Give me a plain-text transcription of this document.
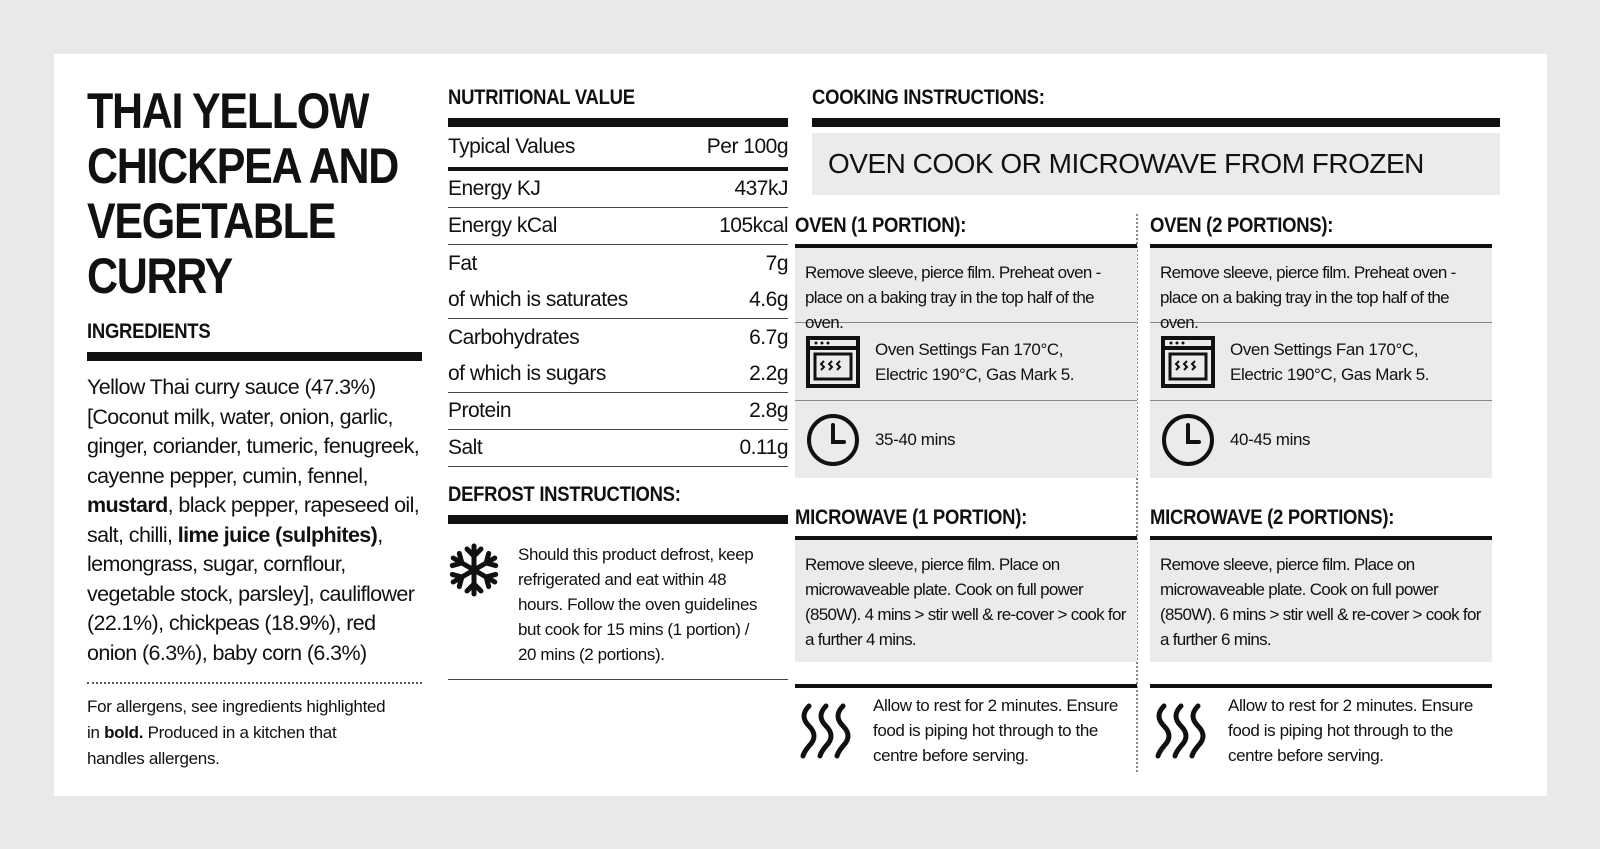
THAI YELLOW
CHICKPEA AND
VEGETABLE
CURRY
INGREDIENTS
Yellow Thai curry sauce (47.3%) [Coconut milk, water, onion, garlic, ginger, coriander, tumeric, fenugreek, cayenne pepper, cumin, fennel, mustard, black pepper, rapeseed oil, salt, chilli, lime juice (sulphites), lemongrass, sugar, cornflour, vegetable stock, parsley], cauliflower (22.1%), chickpeas (18.9%), red onion (6.3%), baby corn (6.3%)
For allergens, see ingredients highlighted in bold. Produced in a kitchen that handles allergens.
NUTRITIONAL VALUE
Typical Values	Per 100g
Energy KJ	437kJ
Energy kCal	105kcal
Fat	7g
of which is saturates	4.6g
Carbohydrates	6.7g
of which is sugars	2.2g
Protein	2.8g
Salt	0.11g
DEFROST INSTRUCTIONS:
Should this product defrost, keep refrigerated and eat within 48 hours. Follow the oven guidelines but cook for 15 mins (1 portion) / 20 mins (2 portions).
COOKING INSTRUCTIONS:
OVEN COOK OR MICROWAVE FROM FROZEN
OVEN (1 PORTION):
Remove sleeve, pierce film. Preheat oven - place on a baking tray in the top half of the oven.
Oven Settings Fan 170°C, Electric 190°C, Gas Mark 5.
35-40 mins
OVEN (2 PORTIONS):
Remove sleeve, pierce film. Preheat oven - place on a baking tray in the top half of the oven.
Oven Settings Fan 170°C, Electric 190°C, Gas Mark 5.
40-45 mins
MICROWAVE (1 PORTION):
Remove sleeve, pierce film. Place on microwaveable plate. Cook on full power (850W). 4 mins > stir well & re-cover > cook for a further 4 mins.
Allow to rest for 2 minutes. Ensure food is piping hot through to the centre before serving.
MICROWAVE (2 PORTIONS):
Remove sleeve, pierce film. Place on microwaveable plate. Cook on full power (850W). 6 mins > stir well & re-cover > cook for a further 6 mins.
Allow to rest for 2 minutes. Ensure food is piping hot through to the centre before serving.
